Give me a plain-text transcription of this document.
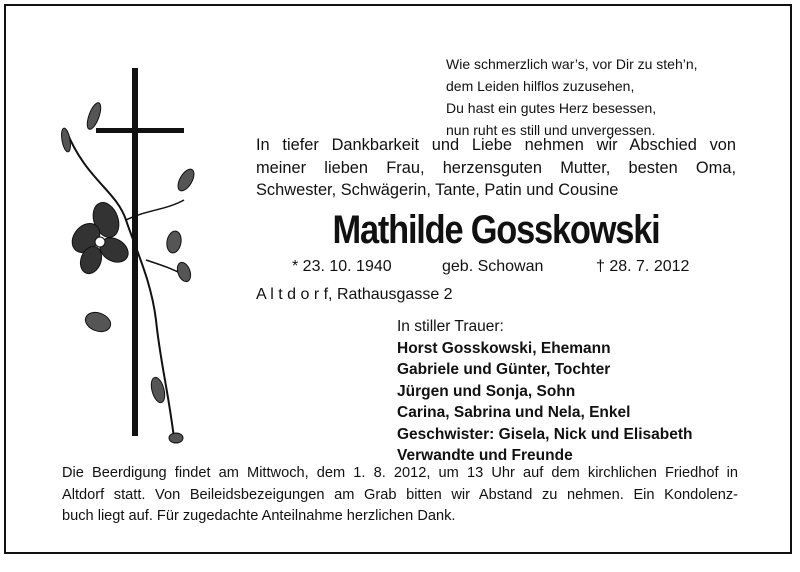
Wie schmerzlich war’s, vor Dir zu steh’n,
dem Leiden hilflos zuzusehen,
Du hast ein gutes Herz besessen,
nun ruht es still und unvergessen.
In tiefer Dankbarkeit und Liebe nehmen wir Abschied von
meiner lieben Frau, herzensguten Mutter, besten Oma,
Schwester, Schwägerin, Tante, Patin und Cousine
Mathilde Gosskowski
* 23. 10. 1940	geb. Schowan	† 28. 7. 2012
A l t d o r f, Rathausgasse 2
In stiller Trauer:
Horst Gosskowski, Ehemann
Gabriele und Günter, Tochter
Jürgen und Sonja, Sohn
Carina, Sabrina und Nela, Enkel
Geschwister: Gisela, Nick und Elisabeth
Verwandte und Freunde
Die Beerdigung findet am Mittwoch, dem 1. 8. 2012, um 13 Uhr auf dem kirchlichen Friedhof in
Altdorf statt. Von Beileidsbezeigungen am Grab bitten wir Abstand zu nehmen. Ein Kondolenz-
buch liegt auf. Für zugedachte Anteilnahme herzlichen Dank.
